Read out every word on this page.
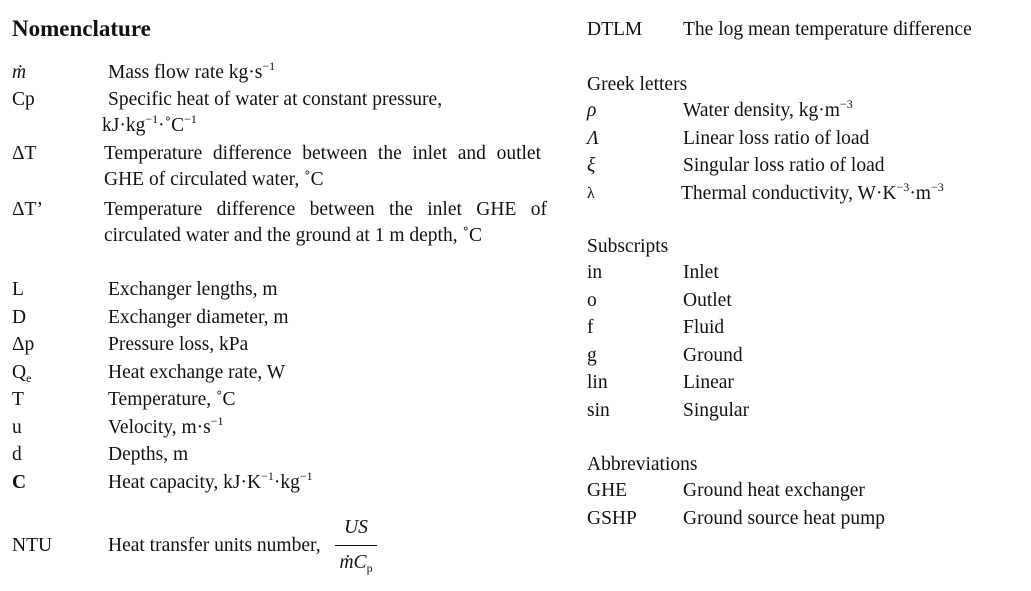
Nomenclature
ṁ	Mass flow rate $kg\cdot s^{-1}$
Cp	Specific heat of water at constant pressure,
$kJ\cdot kg^{-1}\cdot˚C^{-1}$
ΔT	Temperature difference between the inlet and outlet GHE of circulated water, ˚C
ΔT’	Temperature difference between the inlet GHE of circulated water and the ground at 1 m depth, ˚C
L	Exchanger lengths, m
D	Exchanger diameter, m
Δp	Pressure loss, kPa
$Q_e$	Heat exchange rate, W
T	Temperature, ˚C
u	Velocity, $m\cdot s^{-1}$
d	Depths, m
C	Heat capacity, $kJ\cdot K^{-1}\cdot kg^{-1}$
NTU	Heat transfer units number, $\frac{US}{ṁC_p}$
DTLM The log mean temperature difference
Greek letters
ρ	Water density, $kg\cdot m^{-3}$
Λ	Linear loss ratio of load
ξ	Singular loss ratio of load
λ	Thermal conductivity, $W\cdot K^{-3}\cdot m^{-3}$
Subscripts
in	Inlet
o	Outlet
f	Fluid
g	Ground
lin	Linear
sin	Singular
Abbreviations
GHE	Ground heat exchanger
GSHP Ground source heat pump
